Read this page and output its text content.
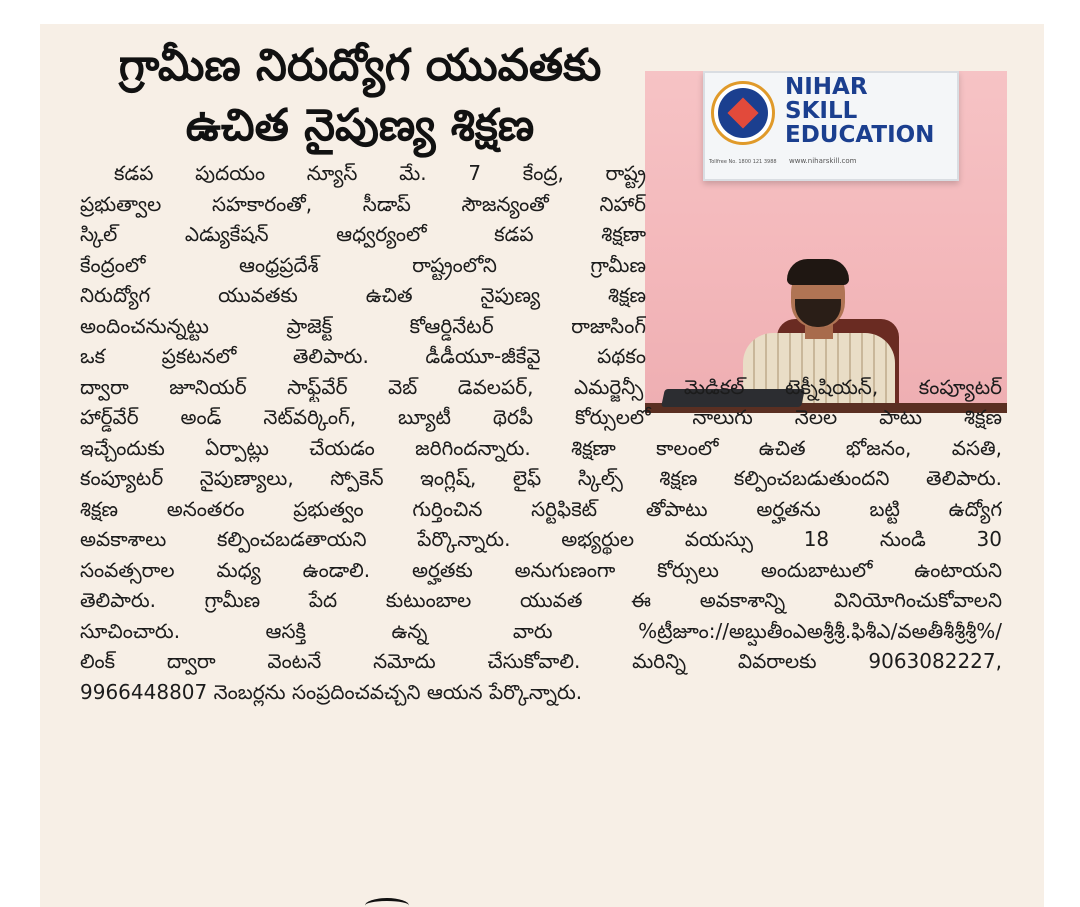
గ్రామీణ నిరుద్యోగ యువతకు
ఉచిత నైపుణ్య శిక్షణ
NIHAR
SKILL
EDUCATION
Tollfree No. 1800 121 3988 www.niharskill.com
కడప పుదయం న్యూస్ మే. 7 కేంద్ర, రాష్ట్ర
ప్రభుత్వాల సహకారంతో, సీడాప్ సౌజన్యంతో నిహార్
స్కిల్ ఎడ్యుకేషన్ ఆధ్వర్యంలో కడప శిక్షణా
కేంద్రంలో ఆంధ్రప్రదేశ్ రాష్ట్రంలోని గ్రామీణ
నిరుద్యోగ యువతకు ఉచిత నైపుణ్య శిక్షణ
అందించనున్నట్టు ప్రాజెక్ట్ కోఆర్డినేటర్ రాజాసింగ్
ఒక ప్రకటనలో తెలిపారు. డీడీయూ-జీకేవై పథకం
ద్వారా జూనియర్ సాఫ్ట్‌వేర్ వెబ్ డెవలపర్, ఎమర్జెన్సీ మెడికల్ టెక్నీషియన్, కంప్యూటర్
హార్డ్‌వేర్ అండ్ నెట్‌వర్కింగ్, బ్యూటీ థెరపీ కోర్సులలో నాలుగు నెలల పాటు శిక్షణ
ఇచ్చేందుకు ఏర్పాట్లు చేయడం జరిగిందన్నారు. శిక్షణా కాలంలో ఉచిత భోజనం, వసతి,
కంప్యూటర్ నైపుణ్యాలు, స్పోకెన్ ఇంగ్లిష్, లైఫ్ స్కిల్స్ శిక్షణ కల్పించబడుతుందని తెలిపారు.
శిక్షణ అనంతరం ప్రభుత్వం గుర్తించిన సర్టిఫికెట్ తోపాటు అర్హతను బట్టి ఉద్యోగ
అవకాశాలు కల్పించబడతాయని పేర్కొన్నారు. అభ్యర్థుల వయస్సు 18 నుండి 30
సంవత్సరాల మధ్య ఉండాలి. అర్హతకు అనుగుణంగా కోర్సులు అందుబాటులో ఉంటాయని
తెలిపారు. గ్రామీణ పేద కుటుంబాల యువత ఈ అవకాశాన్ని వినియోగించుకోవాలని
సూచించారు. ఆసక్తి ఉన్న వారు %ట్రీజూం://అబ్షుతీంఎఅశ్రీశ్రీ.ఫిశీఎ/వఅతీశీశ్రీశ్రీ%/
లింక్ ద్వారా వెంటనే నమోదు చేసుకోవాలి. మరిన్ని వివరాలకు 9063082227,
9966448807 నెంబర్లను సంప్రదించవచ్చని ఆయన పేర్కొన్నారు.
